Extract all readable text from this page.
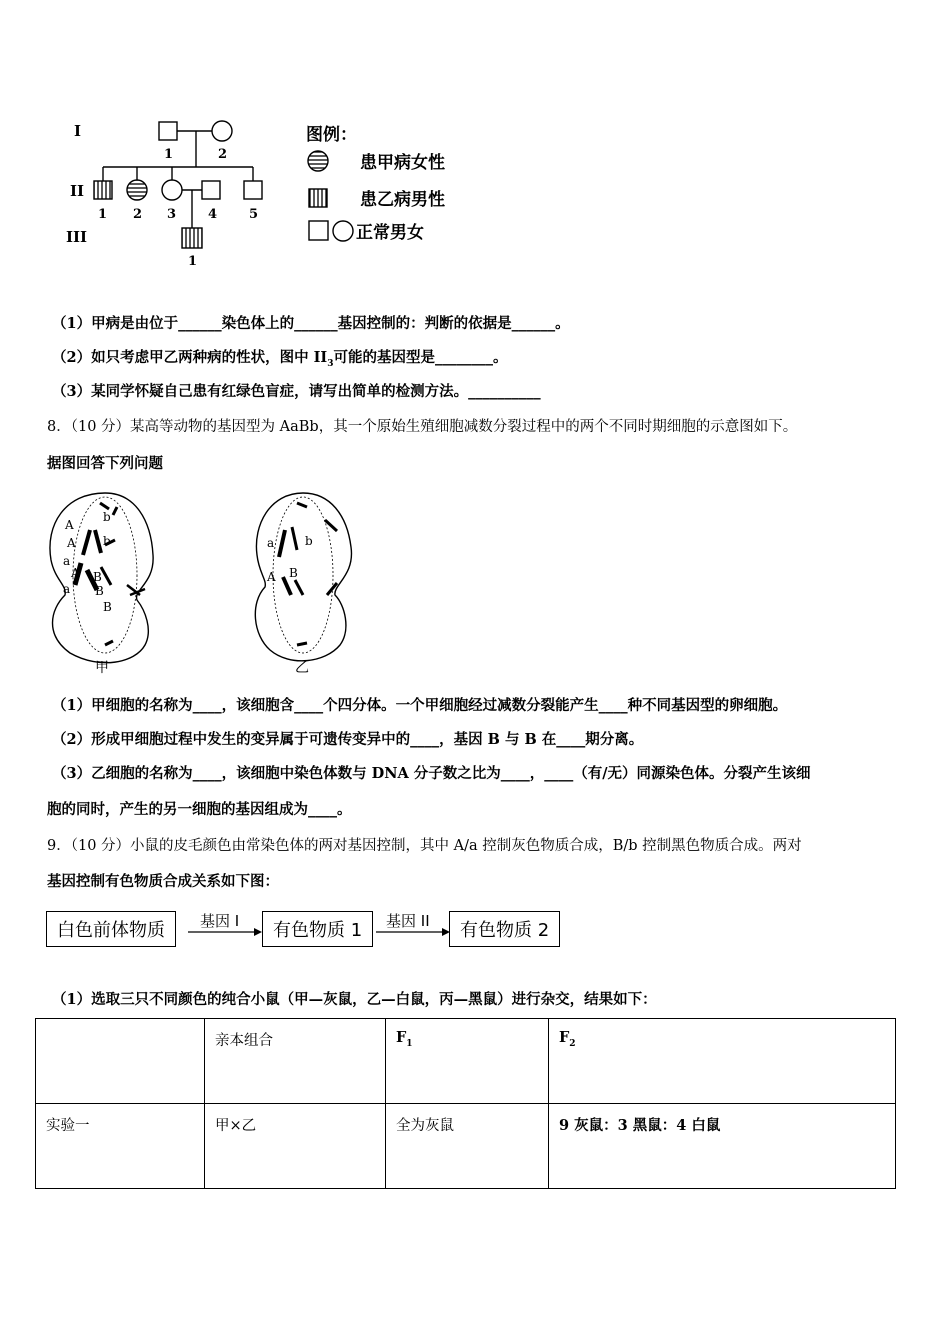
I
II
III
1	2
1 2 3 4 5
1
图例：
患甲病女性
患乙病男性
正常男女
（1）甲病是由位于______染色体上的______基因控制的：判断的依据是______。
（2）如只考虑甲乙两种病的性状，图中 $II_3$可能的基因型是________。
（3）某同学怀疑自己患有红绿色盲症，请写出简单的检测方法。__________
8．（10 分）某高等动物的基因型为 AaBb，其一个原始生殖细胞减数分裂过程中的两个不同时期细胞的示意图如下。
据图回答下列问题
A
b
b
A
a
A
a
B
B
B
a	b
A B
甲	乙
（1）甲细胞的名称为____，该细胞含____个四分体。一个甲细胞经过减数分裂能产生____种不同基因型的卵细胞。
（2）形成甲细胞过程中发生的变异属于可遗传变异中的____，基因 B 与 B 在____期分离。
（3）乙细胞的名称为____，该细胞中染色体数与 DNA 分子数之比为____，____（有/无）同源染色体。分裂产生该细
胞的同时，产生的另一细胞的基因组成为____。
9．（10 分）小鼠的皮毛颜色由常染色体的两对基因控制，其中 A/a 控制灰色物质合成，B/b 控制黑色物质合成。两对
基因控制有色物质合成关系如下图：
白色前体物质	基因 I	有色物质 1	基因 II	有色物质 2
（1）选取三只不同颜色的纯合小鼠（甲—灰鼠，乙—白鼠，丙—黑鼠）进行杂交，结果如下：
	亲本组合	$F_1$	$F_2$
实验一	甲×乙	全为灰鼠	9 灰鼠：3 黑鼠：4 白鼠
